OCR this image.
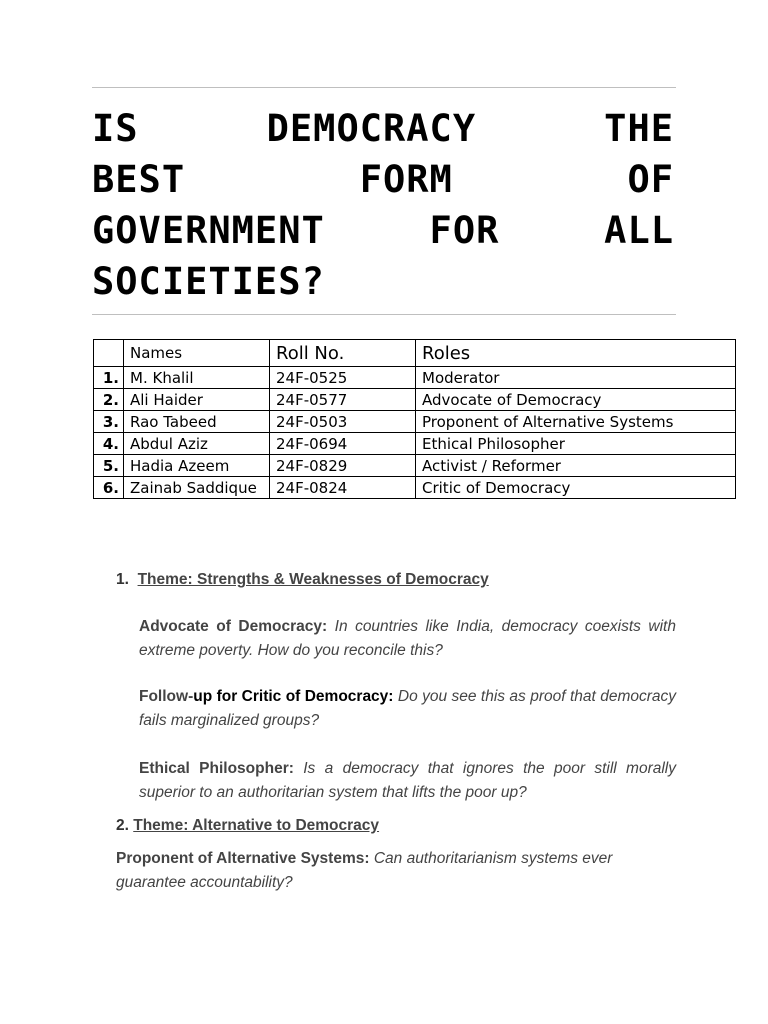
IS DEMOCRACY THE
BEST FORM OF
GOVERNMENT FOR ALL
SOCIETIES?
	Names	Roll No.	Roles
1.	M. Khalil	24F-0525	Moderator
2.	Ali Haider	24F-0577	Advocate of Democracy
3.	Rao Tabeed	24F-0503	Proponent of Alternative Systems
4.	Abdul Aziz	24F-0694	Ethical Philosopher
5.	Hadia Azeem	24F-0829	Activist / Reformer
6.	Zainab Saddique	24F-0824	Critic of Democracy
1. Theme: Strengths & Weaknesses of Democracy
Advocate of Democracy: In countries like India, democracy coexists with extreme poverty. How do you reconcile this?
Follow-up for Critic of Democracy: Do you see this as proof that democracy fails marginalized groups?
Ethical Philosopher: Is a democracy that ignores the poor still morally superior to an authoritarian system that lifts the poor up?
2. Theme: Alternative to Democracy
Proponent of Alternative Systems: Can authoritarianism systems ever guarantee accountability?
